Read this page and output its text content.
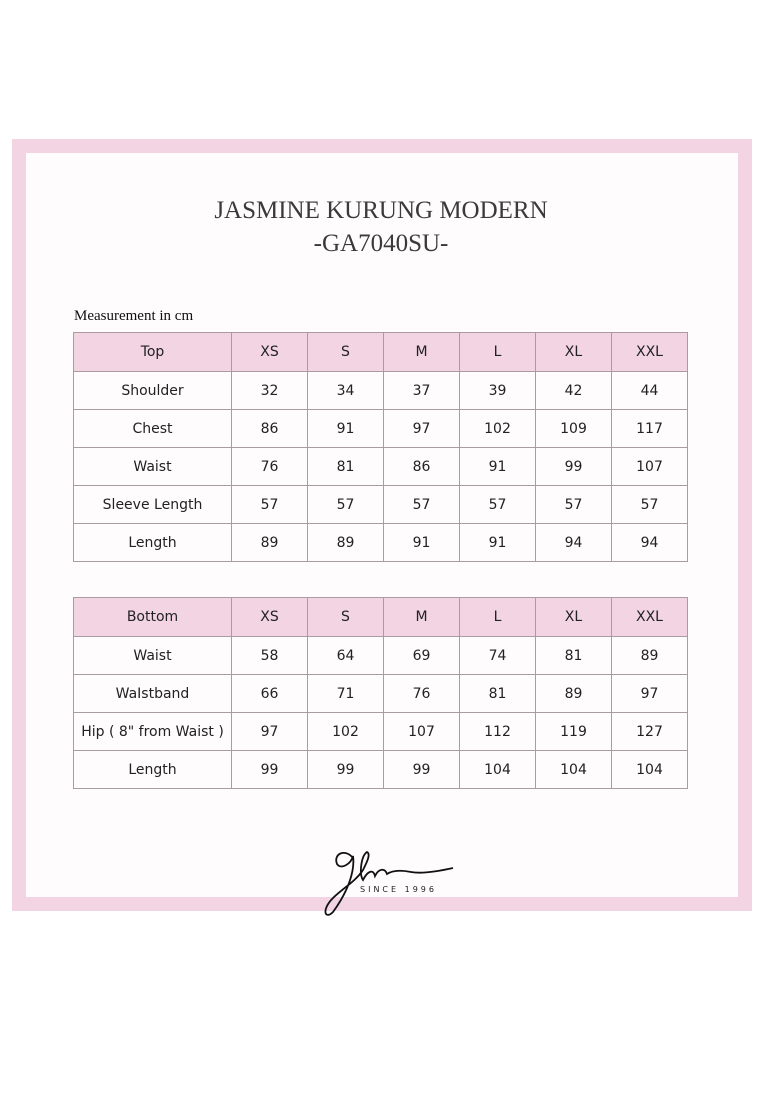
JASMINE KURUNG MODERN
-GA7040SU-
Measurement in cm
Top	XS	S	M	L	XL	XXL
Shoulder	32	34	37	39	42	44
Chest	86	91	97	102	109	117
Waist	76	81	86	91	99	107
Sleeve Length	57	57	57	57	57	57
Length	89	89	91	91	94	94
Bottom	XS	S	M	L	XL	XXL
Waist	58	64	69	74	81	89
WaIstband	66	71	76	81	89	97
Hip ( 8" from Waist )	97	102	107	112	119	127
Length	99	99	99	104	104	104
SINCE 1996
